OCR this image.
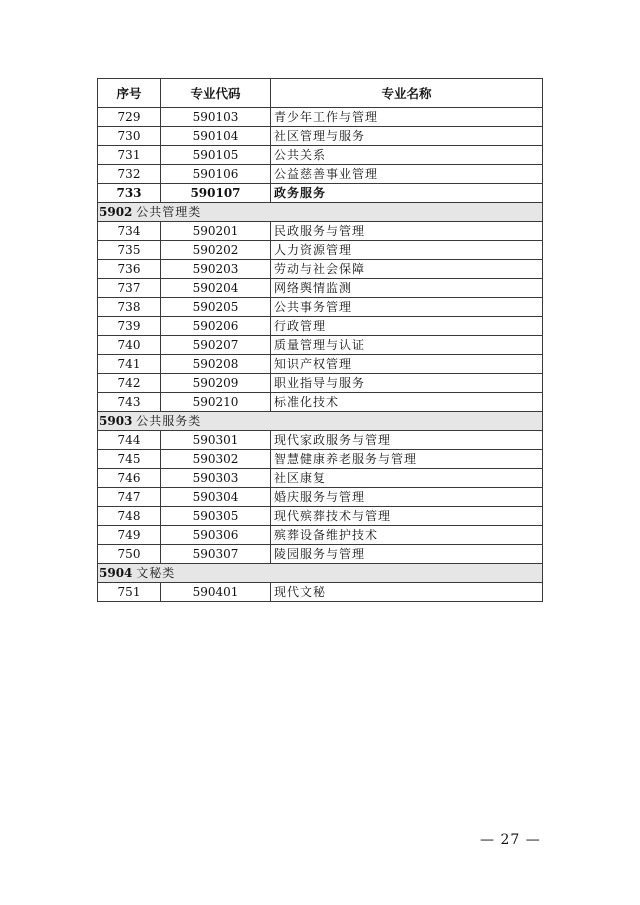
序号	专业代码	专业名称
729	590103	青少年工作与管理
730	590104	社区管理与服务
731	590105	公共关系
732	590106	公益慈善事业管理
733	590107	政务服务
5902 公共管理类		
734	590201	民政服务与管理
735	590202	人力资源管理
736	590203	劳动与社会保障
737	590204	网络舆情监测
738	590205	公共事务管理
739	590206	行政管理
740	590207	质量管理与认证
741	590208	知识产权管理
742	590209	职业指导与服务
743	590210	标准化技术
5903 公共服务类		
744	590301	现代家政服务与管理
745	590302	智慧健康养老服务与管理
746	590303	社区康复
747	590304	婚庆服务与管理
748	590305	现代殡葬技术与管理
749	590306	殡葬设备维护技术
750	590307	陵园服务与管理
5904 文秘类		
751	590401	现代文秘
— 27 —
